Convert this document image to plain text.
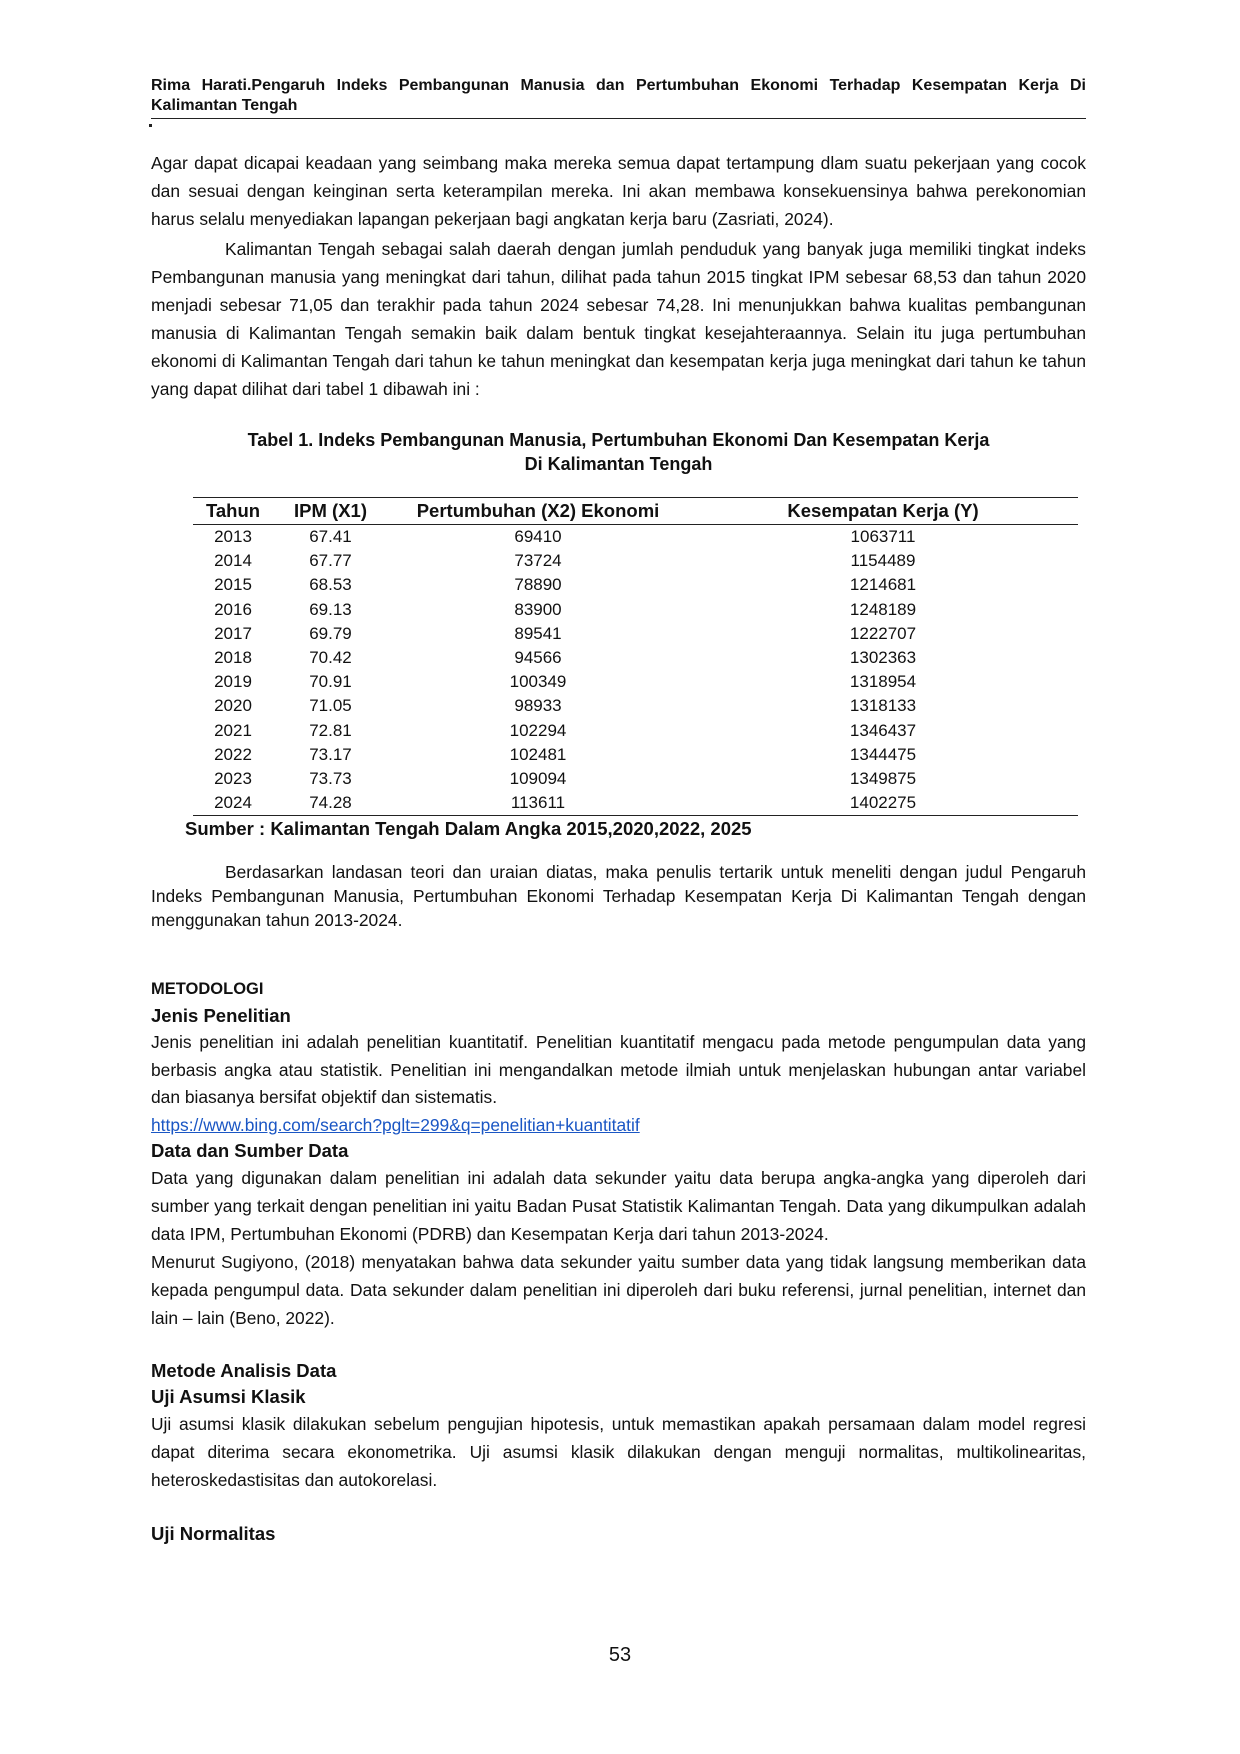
Rima Harati.Pengaruh Indeks Pembangunan Manusia dan Pertumbuhan Ekonomi Terhadap Kesempatan Kerja Di Kalimantan Tengah

Agar dapat dicapai keadaan yang seimbang maka mereka semua dapat tertampung dlam suatu pekerjaan yang cocok dan sesuai dengan keinginan serta keterampilan mereka. Ini akan membawa konsekuensinya bahwa perekonomian harus selalu menyediakan lapangan pekerjaan bagi angkatan kerja baru (Zasriati, 2024).

Kalimantan Tengah sebagai salah daerah dengan jumlah penduduk yang banyak juga memiliki tingkat indeks Pembangunan manusia yang meningkat dari tahun, dilihat pada tahun 2015 tingkat IPM sebesar 68,53 dan tahun 2020 menjadi sebesar 71,05 dan terakhir pada tahun 2024 sebesar 74,28. Ini menunjukkan bahwa kualitas pembangunan manusia di Kalimantan Tengah semakin baik dalam bentuk tingkat kesejahteraannya. Selain itu juga pertumbuhan ekonomi di Kalimantan Tengah dari tahun ke tahun meningkat dan kesempatan kerja juga meningkat dari tahun ke tahun yang dapat dilihat dari tabel 1 dibawah ini :

Tabel 1. Indeks Pembangunan Manusia, Pertumbuhan Ekonomi Dan Kesempatan Kerja
Di Kalimantan Tengah
Tahun	IPM (X1)	Pertumbuhan (X2) Ekonomi	Kesempatan Kerja (Y)
2013	67.41	69410	1063711
2014	67.77	73724	1154489
2015	68.53	78890	1214681
2016	69.13	83900	1248189
2017	69.79	89541	1222707
2018	70.42	94566	1302363
2019	70.91	100349	1318954
2020	71.05	98933	1318133
2021	72.81	102294	1346437
2022	73.17	102481	1344475
2023	73.73	109094	1349875
2024	74.28	113611	1402275
Sumber : Kalimantan Tengah Dalam Angka 2015,2020,2022, 2025

Berdasarkan landasan teori dan uraian diatas, maka penulis tertarik untuk meneliti dengan judul Pengaruh Indeks Pembangunan Manusia, Pertumbuhan Ekonomi Terhadap Kesempatan Kerja Di Kalimantan Tengah dengan menggunakan tahun 2013-2024.

METODOLOGI
Jenis Penelitian

Jenis penelitian ini adalah penelitian kuantitatif. Penelitian kuantitatif mengacu pada metode pengumpulan data yang berbasis angka atau statistik. Penelitian ini mengandalkan metode ilmiah untuk menjelaskan hubungan antar variabel dan biasanya bersifat objektif dan sistematis.

https://www.bing.com/search?pglt=299&q=penelitian+kuantitatif
Data dan Sumber Data

Data yang digunakan dalam penelitian ini adalah data sekunder yaitu data berupa angka-angka yang diperoleh dari sumber yang terkait dengan penelitian ini yaitu Badan Pusat Statistik Kalimantan Tengah. Data yang dikumpulkan adalah data IPM, Pertumbuhan Ekonomi (PDRB) dan Kesempatan Kerja dari tahun 2013-2024.

Menurut Sugiyono, (2018) menyatakan bahwa data sekunder yaitu sumber data yang tidak langsung memberikan data kepada pengumpul data. Data sekunder dalam penelitian ini diperoleh dari buku referensi, jurnal penelitian, internet dan lain – lain (Beno, 2022).

Metode Analisis Data
Uji Asumsi Klasik

Uji asumsi klasik dilakukan sebelum pengujian hipotesis, untuk memastikan apakah persamaan dalam model regresi dapat diterima secara ekonometrika. Uji asumsi klasik dilakukan dengan menguji normalitas, multikolinearitas, heteroskedastisitas dan autokorelasi.

Uji Normalitas
53
